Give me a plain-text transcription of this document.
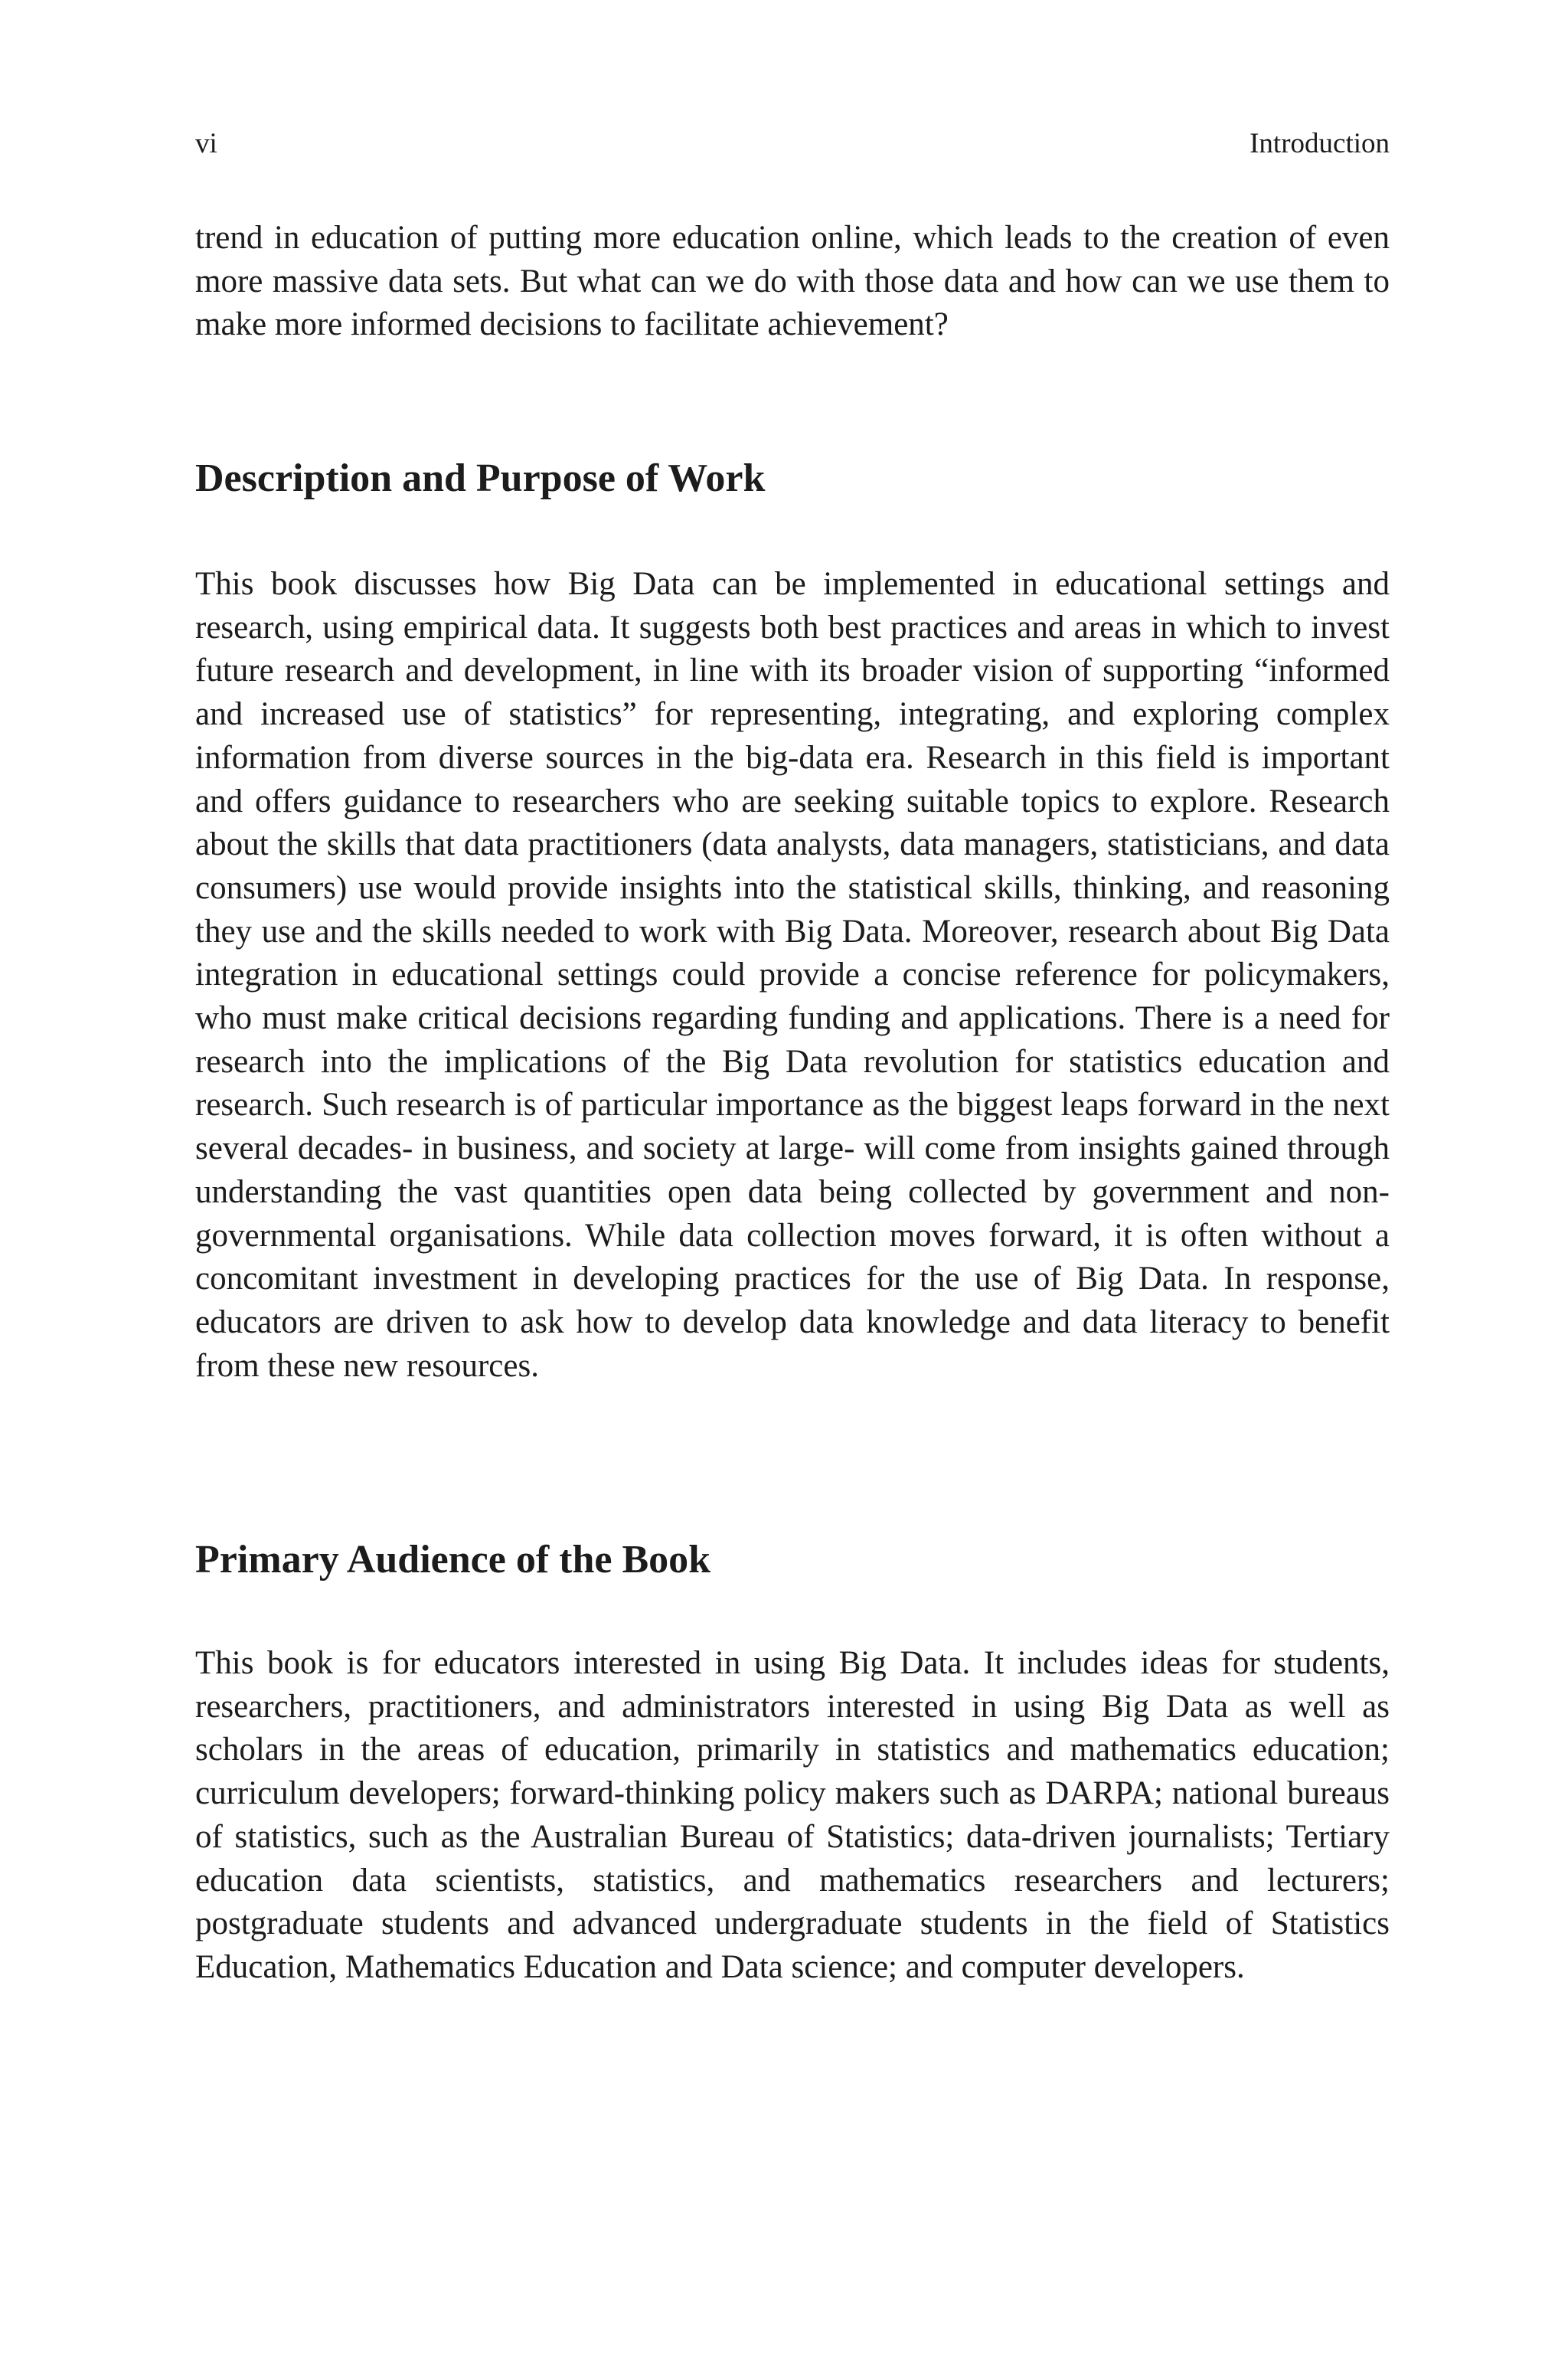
vi	Introduction

trend in education of putting more education online, which leads to the creation of even more massive data sets. But what can we do with those data and how can we use them to make more informed decisions to facilitate achievement?

Description and Purpose of Work

This book discusses how Big Data can be implemented in educational settings and research, using empirical data. It suggests both best practices and areas in which to invest future research and development, in line with its broader vision of supporting “informed and increased use of statistics” for representing, integrating, and exploring complex information from diverse sources in the big-data era. Research in this field is important and offers guidance to researchers who are seeking suitable topics to explore. Research about the skills that data practitioners (data analysts, data managers, statisticians, and data consumers) use would provide insights into the statistical skills, thinking, and reasoning they use and the skills needed to work with Big Data. Moreover, research about Big Data integration in educational settings could provide a concise reference for policymakers, who must make critical decisions regarding funding and applications. There is a need for research into the implications of the Big Data revolution for statistics education and research. Such research is of particular importance as the biggest leaps forward in the next several decades- in business, and society at large- will come from insights gained through understanding the vast quantities open data being collected by government and non-governmental organisations. While data collection moves forward, it is often without a concomitant investment in developing practices for the use of Big Data. In response, educators are driven to ask how to develop data knowledge and data literacy to benefit from these new resources.

Primary Audience of the Book

This book is for educators interested in using Big Data. It includes ideas for students, researchers, practitioners, and administrators interested in using Big Data as well as scholars in the areas of education, primarily in statistics and mathematics education; curriculum developers; forward-thinking policy makers such as DARPA; national bureaus of statistics, such as the Australian Bureau of Statistics; data-driven journalists; Tertiary education data scientists, statistics, and mathematics researchers and lecturers; postgraduate students and advanced undergraduate students in the field of Statistics Education, Mathematics Education and Data science; and computer developers.
